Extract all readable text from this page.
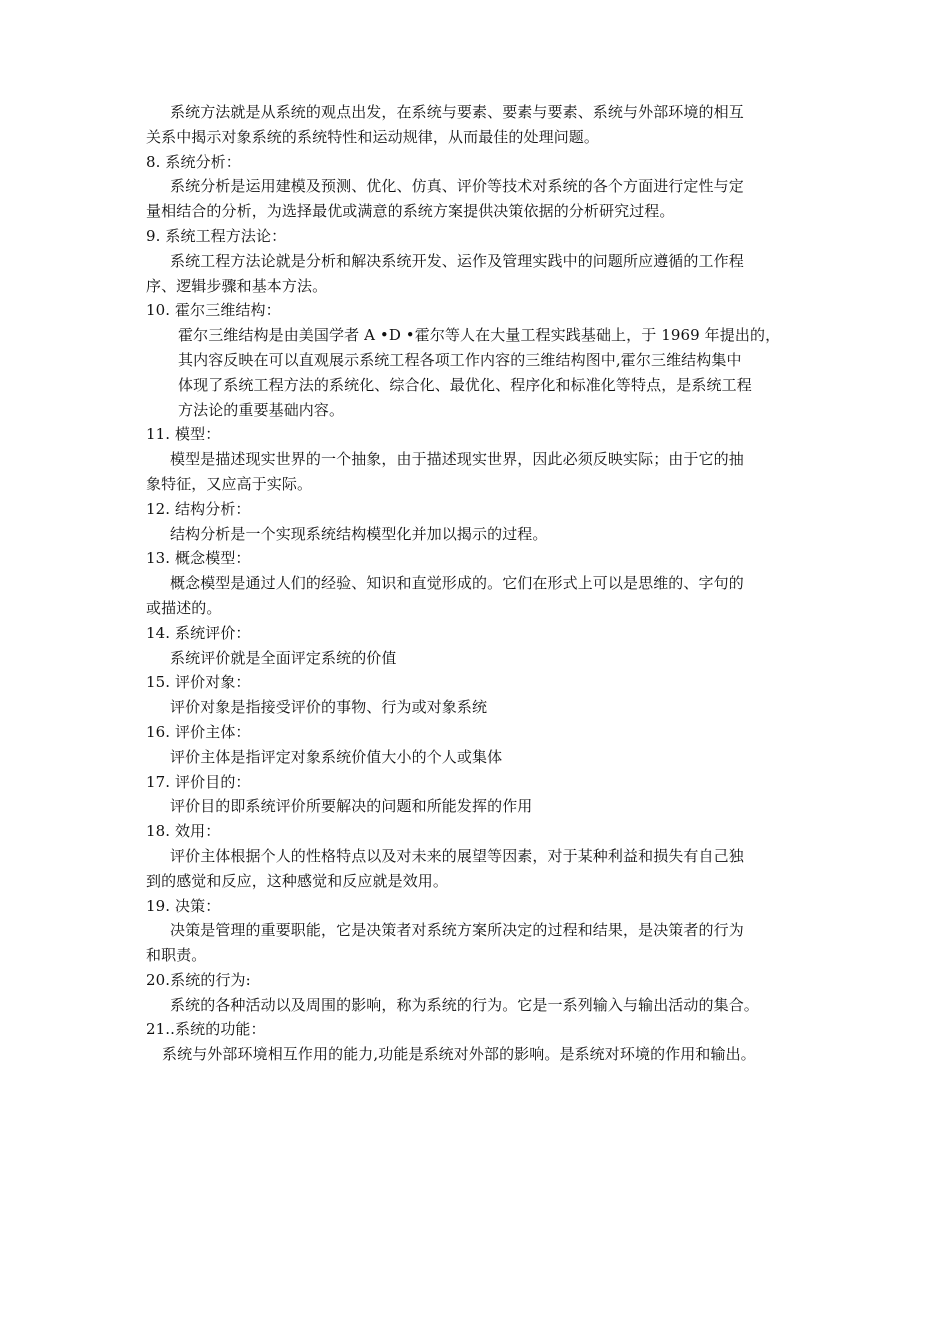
系统方法就是从系统的观点出发，在系统与要素、要素与要素、系统与外部环境的相互
关系中揭示对象系统的系统特性和运动规律，从而最佳的处理问题。
8. 系统分析：
系统分析是运用建模及预测、优化、仿真、评价等技术对系统的各个方面进行定性与定
量相结合的分析，为选择最优或满意的系统方案提供决策依据的分析研究过程。
9. 系统工程方法论：
系统工程方法论就是分析和解决系统开发、运作及管理实践中的问题所应遵循的工作程
序、逻辑步骤和基本方法。
10. 霍尔三维结构：
霍尔三维结构是由美国学者 A •D •霍尔等人在大量工程实践基础上，于 1969 年提出的，
其内容反映在可以直观展示系统工程各项工作内容的三维结构图中,霍尔三维结构集中
体现了系统工程方法的系统化、综合化、最优化、程序化和标准化等特点，是系统工程
方法论的重要基础内容。
11. 模型：
模型是描述现实世界的一个抽象，由于描述现实世界，因此必须反映实际；由于它的抽
象特征，又应高于实际。
12. 结构分析：
结构分析是一个实现系统结构模型化并加以揭示的过程。
13. 概念模型：
概念模型是通过人们的经验、知识和直觉形成的。它们在形式上可以是思维的、字句的
或描述的。
14. 系统评价：
系统评价就是全面评定系统的价值
15. 评价对象：
评价对象是指接受评价的事物、行为或对象系统
16. 评价主体：
评价主体是指评定对象系统价值大小的个人或集体
17. 评价目的：
评价目的即系统评价所要解决的问题和所能发挥的作用
18. 效用：
评价主体根据个人的性格特点以及对未来的展望等因素，对于某种利益和损失有自己独
到的感觉和反应，这种感觉和反应就是效用。
19. 决策：
决策是管理的重要职能，它是决策者对系统方案所决定的过程和结果，是决策者的行为
和职责。
20.系统的行为:
系统的各种活动以及周围的影响，称为系统的行为。它是一系列输入与输出活动的集合。
21..系统的功能：
系统与外部环境相互作用的能力,功能是系统对外部的影响。是系统对环境的作用和输出。
